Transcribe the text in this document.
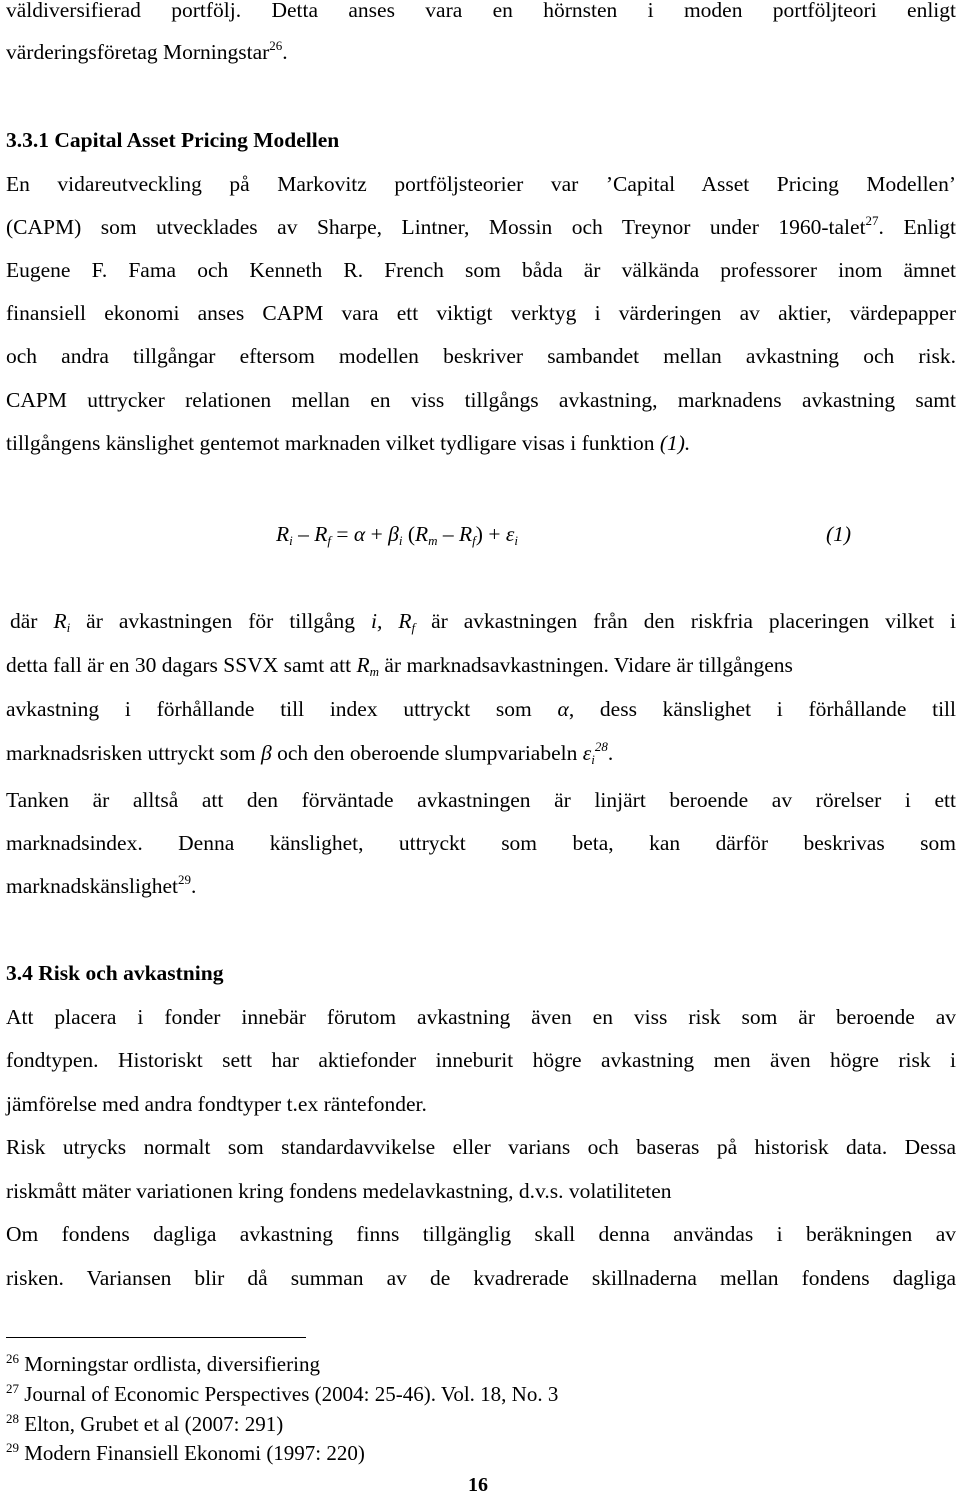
väldiversifierad portfölj. Detta anses vara en hörnsten i moden portföljteori enligt
värderingsföretag Morningstar$^{26}$.
3.3.1 Capital Asset Pricing Modellen
En vidareutveckling på Markovitz portföljsteorier var ’Capital Asset Pricing Modellen’
(CAPM) som utvecklades av Sharpe, Lintner, Mossin och Treynor under 1960-talet$^{27}$. Enligt
Eugene F. Fama och Kenneth R. French som båda är välkända professorer inom ämnet
finansiell ekonomi anses CAPM vara ett viktigt verktyg i värderingen av aktier, värdepapper
och andra tillgångar eftersom modellen beskriver sambandet mellan avkastning och risk.
CAPM uttrycker relationen mellan en viss tillgångs avkastning, marknadens avkastning samt
tillgångens känslighet gentemot marknaden vilket tydligare visas i funktion (1).
$R_i - R_f = \alpha + \beta_i$ $(R_m - R_f) + \varepsilon_i$	(1)
där $R_i$ är avkastningen för tillgång i, $R_f$ är avkastningen från den riskfria placeringen vilket i
detta fall är en 30 dagars SSVX samt att $R_m$ är marknadsavkastningen. Vidare är tillgångens
avkastning i förhållande till index uttryckt som α, dess känslighet i förhållande till
marknadsrisken uttryckt som β och den oberoende slumpvariabeln $\varepsilon_i^{28}$.
Tanken är alltså att den förväntade avkastningen är linjärt beroende av rörelser i ett
marknadsindex. Denna känslighet, uttryckt som beta, kan därför beskrivas som
marknadskänslighet$^{29}$.
3.4 Risk och avkastning
Att placera i fonder innebär förutom avkastning även en viss risk som är beroende av
fondtypen. Historiskt sett har aktiefonder inneburit högre avkastning men även högre risk i
jämförelse med andra fondtyper t.ex räntefonder.
Risk utrycks normalt som standardavvikelse eller varians och baseras på historisk data. Dessa
riskmått mäter variationen kring fondens medelavkastning, d.v.s. volatiliteten
Om fondens dagliga avkastning finns tillgänglig skall denna användas i beräkningen av
risken. Variansen blir då summan av de kvadrerade skillnaderna mellan fondens dagliga
$^{26}$ Morningstar ordlista, diversifiering
$^{27}$ Journal of Economic Perspectives (2004: 25-46). Vol. 18, No. 3
$^{28}$ Elton, Grubet et al (2007: 291)
$^{29}$ Modern Finansiell Ekonomi (1997: 220)
16
